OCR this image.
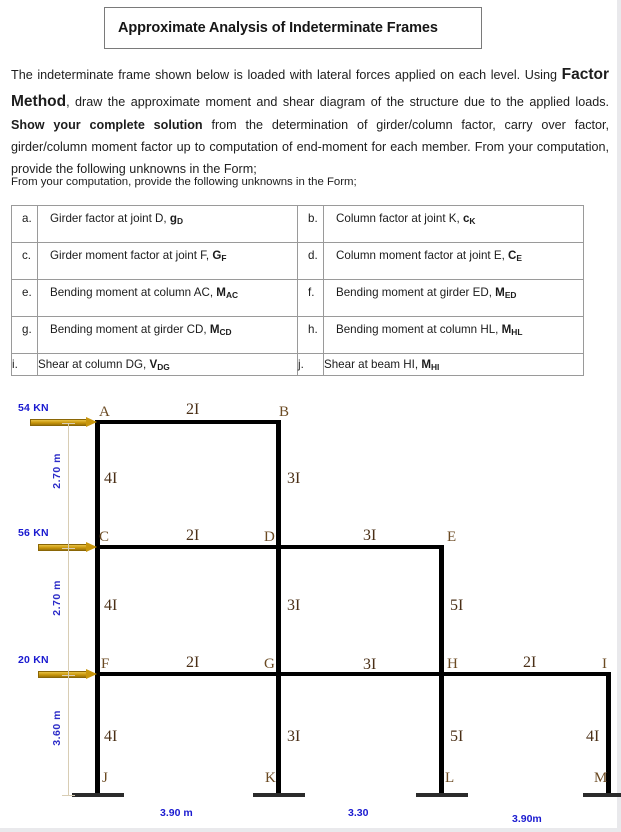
Approximate Analysis of Indeterminate Frames
The indeterminate frame shown below is loaded with lateral forces applied on each level. Using Factor Method, draw the approximate moment and shear diagram of the structure due to the applied loads. Show your complete solution from the determination of girder/column factor, carry over factor, girder/column moment factor up to computation of end-moment for each member. From your computation, provide the following unknowns in the Form;
From your computation, provide the following unknowns in the Form;
a.	Girder factor at joint D, $g_D$	b.	Column factor at joint K, $c_K$
c.	Girder moment factor at joint F, $G_F$	d.	Column moment factor at joint E, $C_E$
e.	Bending moment at column AC, $M_{AC}$	f.	Bending moment at girder ED, $M_{ED}$
g.	Bending moment at girder CD, $M_{CD}$	h.	Bending moment at column HL, $M_{HL}$
i.	Shear at column DG, $V_{DG}$	j.	Shear at beam HI, $M_{HI}$
A	B
C	D	E
F	G	H	I
J	K	L	M
2I
2I	3I
2I	3I	2I
4I	3I
4I	3I	5I
4I	3I	5I	4I
54 KN
56 KN
20 KN
2.70 m
2.70 m
3.60 m
3.90 m	3.30	3.90m
